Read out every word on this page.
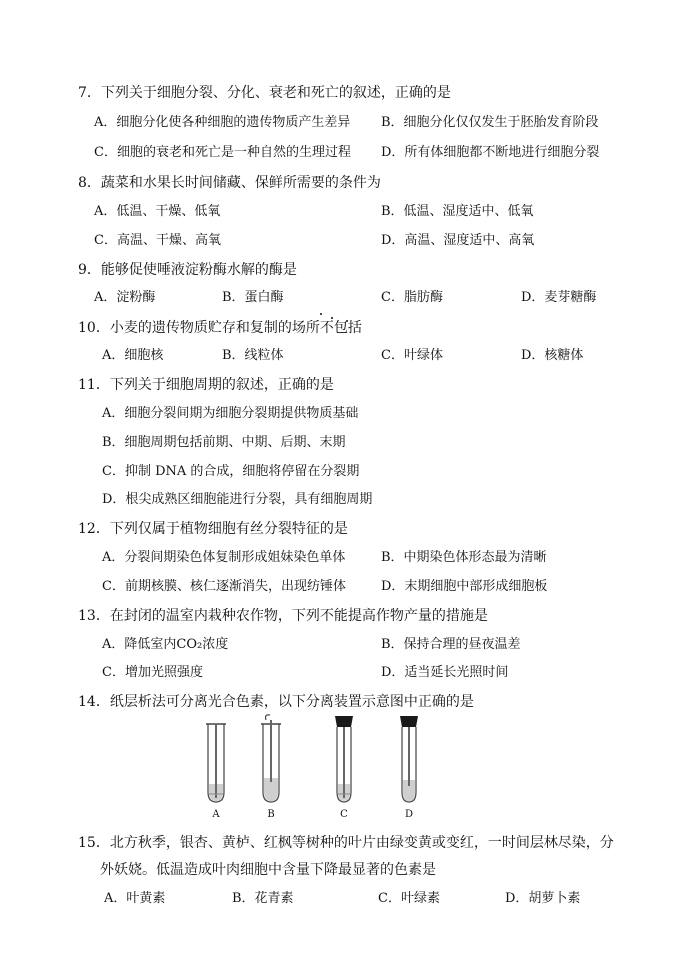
7．下列关于细胞分裂、分化、衰老和死亡的叙述，正确的是
A．细胞分化使各种细胞的遗传物质产生差异 B．细胞分化仅仅发生于胚胎发育阶段
C．细胞的衰老和死亡是一种自然的生理过程 D．所有体细胞都不断地进行细胞分裂
8．蔬菜和水果长时间储藏、保鲜所需要的条件为
A．低温、干燥、低氧	B．低温、湿度适中、低氧
C．高温、干燥、高氧	D．高温、湿度适中、高氧
9．能够促使唾液淀粉酶水解的酶是
A．淀粉酶	B．蛋白酶	C．脂肪酶	D．麦芽糖酶
10．小麦的遗传物质贮存和复制的场所不包括
A．细胞核	B．线粒体	C．叶绿体	D．核糖体
11．下列关于细胞周期的叙述，正确的是
A．细胞分裂间期为细胞分裂期提供物质基础
B．细胞周期包括前期、中期、后期、末期
C．抑制 DNA 的合成，细胞将停留在分裂期
D．根尖成熟区细胞能进行分裂，具有细胞周期
12．下列仅属于植物细胞有丝分裂特征的是
A．分裂间期染色体复制形成姐妹染色单体	B．中期染色体形态最为清晰
C．前期核膜、核仁逐渐消失，出现纺锤体	D．末期细胞中部形成细胞板
13．在封闭的温室内栽种农作物，下列不能提高作物产量的措施是
A．降低室内CO₂浓度	B．保持合理的昼夜温差
C．增加光照强度	D．适当延长光照时间
14．纸层析法可分离光合色素，以下分离装置示意图中正确的是
A	B	C	D
15．北方秋季，银杏、黄栌、红枫等树种的叶片由绿变黄或变红，一时间层林尽染，分
外妖娆。低温造成叶肉细胞中含量下降最显著的色素是
A．叶黄素	B．花青素	C．叶绿素	D．胡萝卜素
